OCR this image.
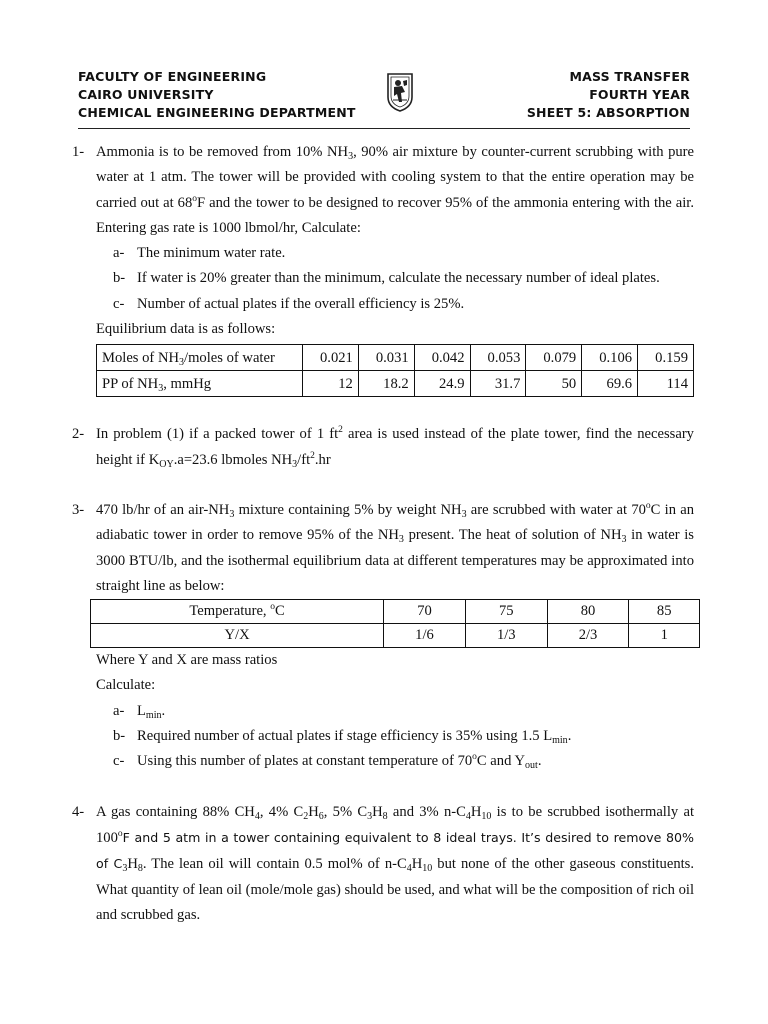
FACULTY OF ENGINEERING
CAIRO UNIVERSITY
CHEMICAL ENGINEERING DEPARTMENT
MASS TRANSFER
FOURTH YEAR
SHEET 5: ABSORPTION
1- Ammonia is to be removed from 10% $NH_3$, 90% air mixture by counter-current scrubbing with pure water at 1 atm. The tower will be provided with cooling system to that the entire operation may be carried out at 68$^o$F and the tower to be designed to recover 95% of the ammonia entering with the air. Entering gas rate is 1000 lbmol/hr, Calculate:
a- The minimum water rate.
b- If water is 20% greater than the minimum, calculate the necessary number of ideal plates.
c- Number of actual plates if the overall efficiency is 25%.
Equilibrium data is as follows:
Moles of $NH_3$/moles of water	0.021	0.031	0.042	0.053	0.079	0.106	0.159
PP of $NH_3$, mmHg	12	18.2	24.9	31.7	50	69.6	114
2- In problem (1) if a packed tower of 1 $ft^2$ area is used instead of the plate tower, find the necessary height if $K_{OY}.a=23.6$ lbmoles $NH_3/ft^2.hr$
3- 470 lb/hr of an air-$NH_3$ mixture containing 5% by weight $NH_3$ are scrubbed with water at 70$^o$C in an adiabatic tower in order to remove 95% of the $NH_3$ present. The heat of solution of $NH_3$ in water is 3000 BTU/lb, and the isothermal equilibrium data at different temperatures may be approximated into straight line as below:
Temperature, $^o$C	70	75	80	85
Y/X	1/6	1/3	2/3	1
Where Y and X are mass ratios
Calculate:
a- $L_{min}$.
b- Required number of actual plates if stage efficiency is 35% using 1.5 $L_{min}$.
c- Using this number of plates at constant temperature of 70$^o$C and $Y_{out}$.
4- A gas containing 88% $CH_4$, 4% $C_2H_6$, 5% $C_3H_8$ and 3% $n-C_4H_{10}$ is to be scrubbed isothermally at 100$^o$F and 5 atm in a tower containing equivalent to 8 ideal trays. It’s desired to remove 80% of $C_3H_8$. The lean oil will contain 0.5 mol% of $n-C_4H_{10}$ but none of the other gaseous constituents. What quantity of lean oil (mole/mole gas) should be used, and what will be the composition of rich oil and scrubbed gas.
